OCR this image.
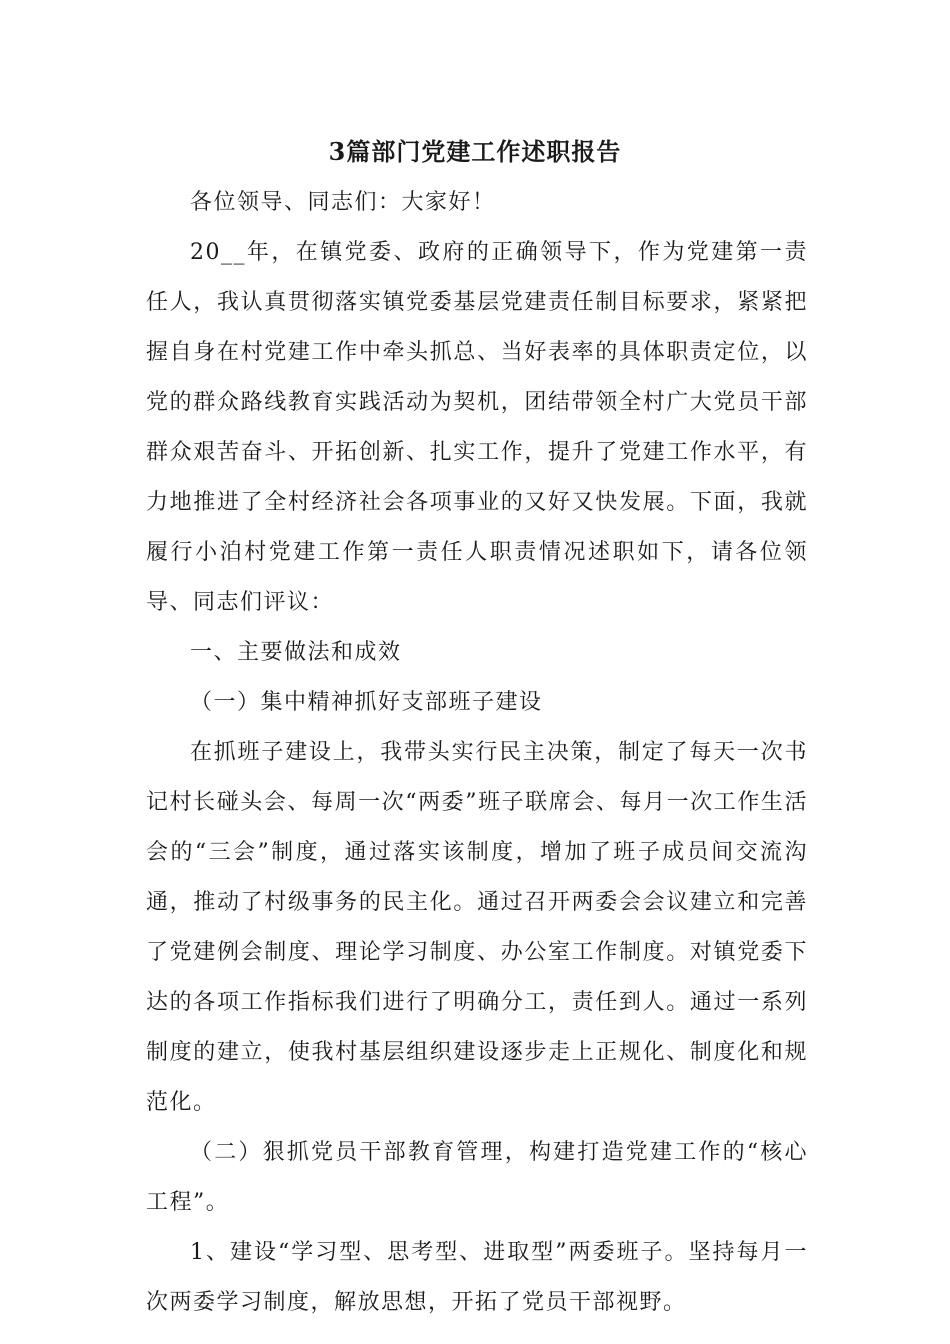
3篇部门党建工作述职报告

各位领导、同志们：大家好！

20__年，在镇党委、政府的正确领导下，作为党建第一责任人，我认真贯彻落实镇党委基层党建责任制目标要求，紧紧把握自身在村党建工作中牵头抓总、当好表率的具体职责定位，以党的群众路线教育实践活动为契机，团结带领全村广大党员干部群众艰苦奋斗、开拓创新、扎实工作，提升了党建工作水平，有力地推进了全村经济社会各项事业的又好又快发展。下面，我就履行小泊村党建工作第一责任人职责情况述职如下，请各位领导、同志们评议：

一、主要做法和成效

（一）集中精神抓好支部班子建设

在抓班子建设上，我带头实行民主决策，制定了每天一次书记村长碰头会、每周一次“两委”班子联席会、每月一次工作生活会的“三会”制度，通过落实该制度，增加了班子成员间交流沟通，推动了村级事务的民主化。通过召开两委会会议建立和完善了党建例会制度、理论学习制度、办公室工作制度。对镇党委下达的各项工作指标我们进行了明确分工，责任到人。通过一系列制度的建立，使我村基层组织建设逐步走上正规化、制度化和规范化。

（二）狠抓党员干部教育管理，构建打造党建工作的“核心工程”。

1、建设“学习型、思考型、进取型”两委班子。坚持每月一次两委学习制度，解放思想，开拓了党员干部视野。
